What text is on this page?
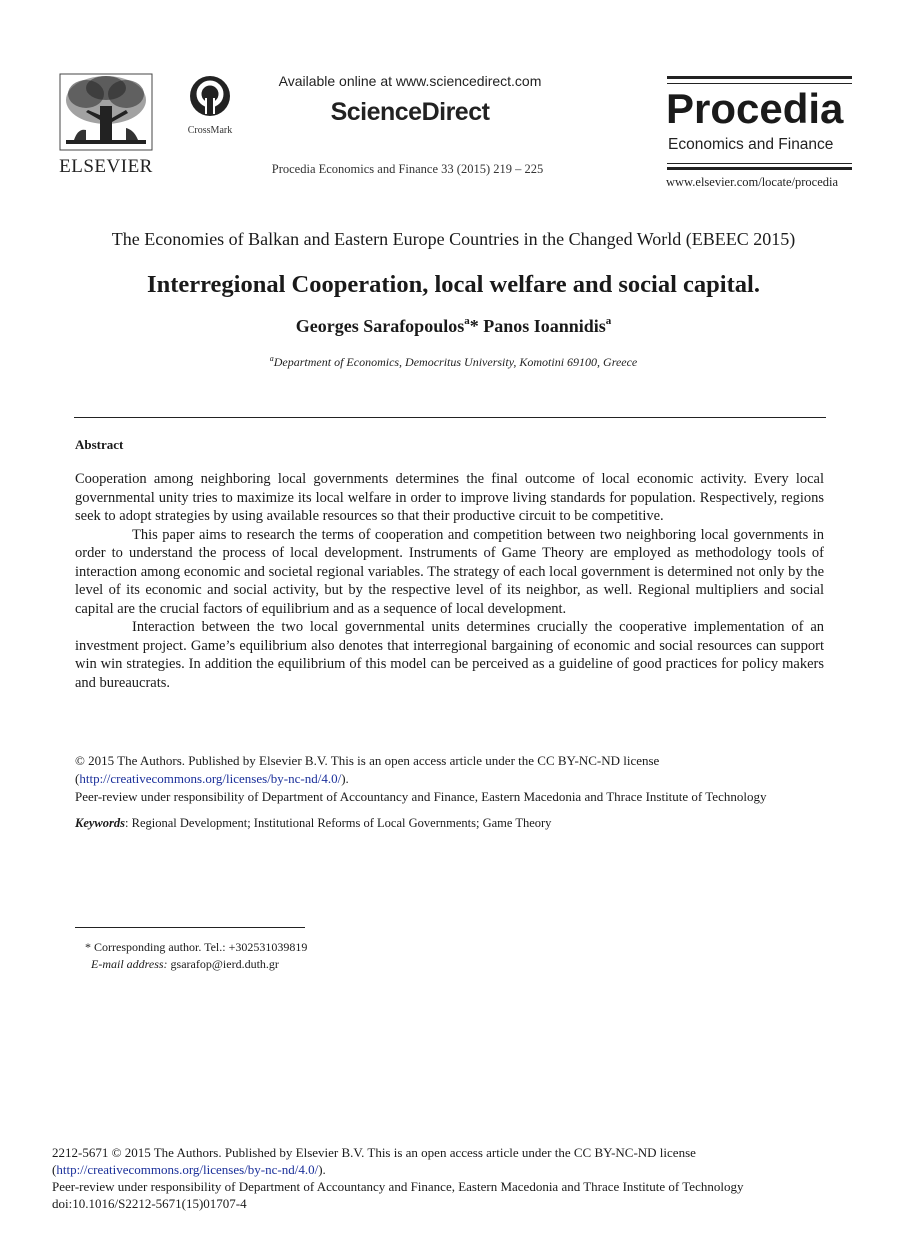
ELSEVIER
CrossMark
Available online at www.sciencedirect.com
ScienceDirect
Procedia Economics and Finance 33 (2015) 219 – 225
Procedia
Economics and Finance
www.elsevier.com/locate/procedia
The Economies of Balkan and Eastern Europe Countries in the Changed World (EBEEC 2015)
Interregional Cooperation, local welfare and social capital.
Georges Sarafopoulos$^a$* Panos Ioannidis$^a$
$^a$Department of Economics, Democritus University, Komotini 69100, Greece
Abstract

Cooperation among neighboring local governments determines the final outcome of local economic activity. Every local governmental unity tries to maximize its local welfare in order to improve living standards for population. Respectively, regions seek to adopt strategies by using available resources so that their productive circuit to be competitive.

This paper aims to research the terms of cooperation and competition between two neighboring local governments in order to understand the process of local development. Instruments of Game Theory are employed as methodology tools of interaction among economic and societal regional variables. The strategy of each local government is determined not only by the level of its economic and social activity, but by the respective level of its neighbor, as well. Regional multipliers and social capital are the crucial factors of equilibrium and as a sequence of local development.

Interaction between the two local governmental units determines crucially the cooperative implementation of an investment project. Game’s equilibrium also denotes that interregional bargaining of economic and social resources can support win win strategies. In addition the equilibrium of this model can be perceived as a guideline of good practices for policy makers and bureaucrats.

© 2015 The Authors. Published by Elsevier B.V. This is an open access article under the CC BY-NC-ND license

(http://creativecommons.org/licenses/by-nc-nd/4.0/).

Peer-review under responsibility of Department of Accountancy and Finance, Eastern Macedonia and Thrace Institute of Technology

Keywords: Regional Development; Institutional Reforms of Local Governments; Game Theory

* Corresponding author. Tel.: +302531039819

E-mail address: gsarafop@ierd.duth.gr

2212-5671 © 2015 The Authors. Published by Elsevier B.V. This is an open access article under the CC BY-NC-ND license

(http://creativecommons.org/licenses/by-nc-nd/4.0/).

Peer-review under responsibility of Department of Accountancy and Finance, Eastern Macedonia and Thrace Institute of Technology

doi:10.1016/S2212-5671(15)01707-4
